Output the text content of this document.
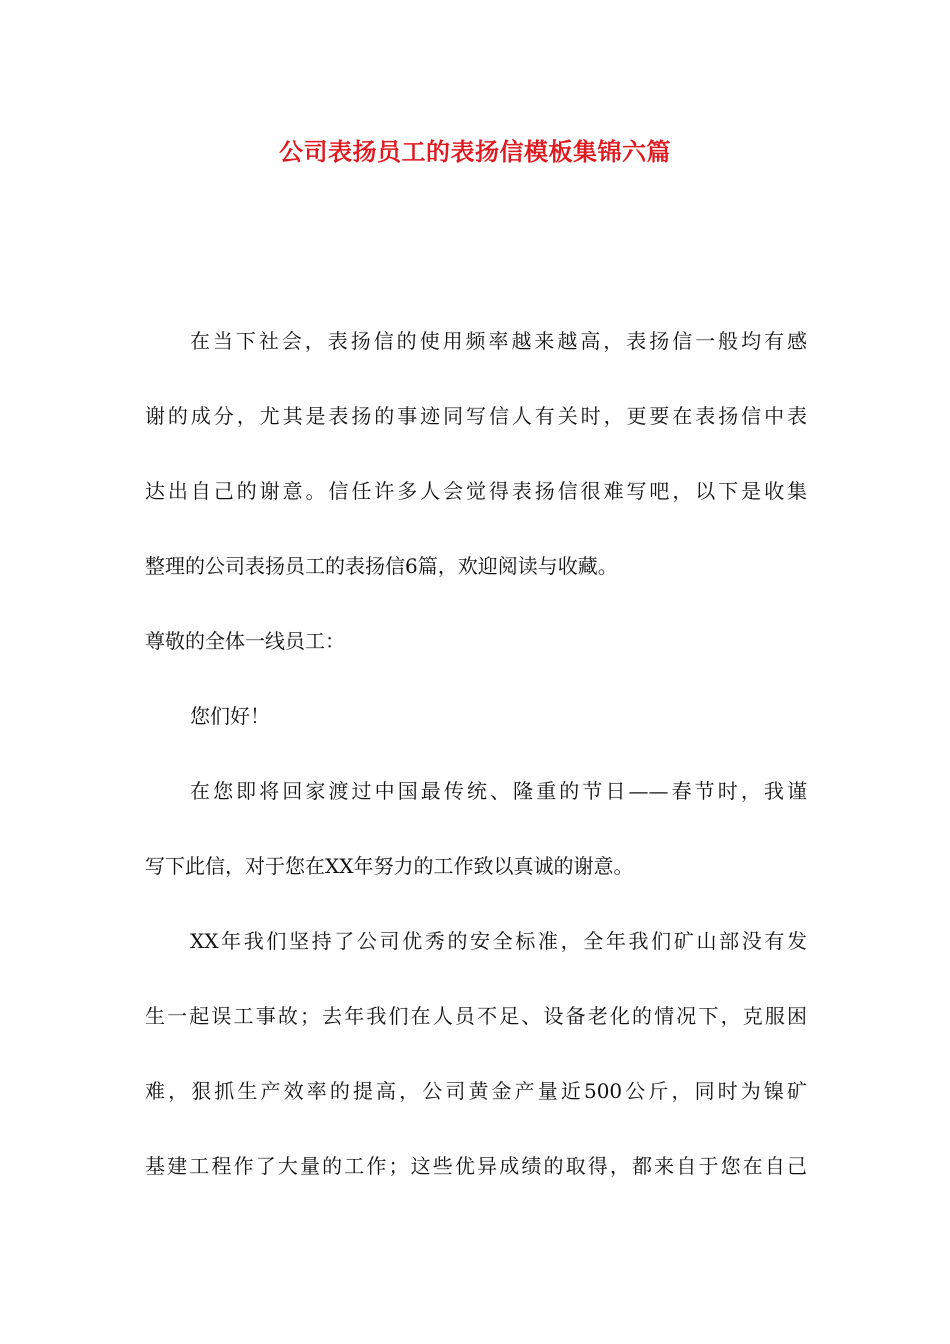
公司表扬员工的表扬信模板集锦六篇
在当下社会，表扬信的使用频率越来越高，表扬信一般均有感
谢的成分，尤其是表扬的事迹同写信人有关时，更要在表扬信中表
达出自己的谢意。信任许多人会觉得表扬信很难写吧，以下是收集
整理的公司表扬员工的表扬信6篇，欢迎阅读与收藏。
尊敬的全体一线员工：
您们好！
在您即将回家渡过中国最传统、隆重的节日——春节时，我谨
写下此信，对于您在XX年努力的工作致以真诚的谢意。
XX年我们坚持了公司优秀的安全标准，全年我们矿山部没有发
生一起误工事故；去年我们在人员不足、设备老化的情况下，克服困
难，狠抓生产效率的提高，公司黄金产量近500公斤，同时为镍矿
基建工程作了大量的工作；这些优异成绩的取得，都来自于您在自己
